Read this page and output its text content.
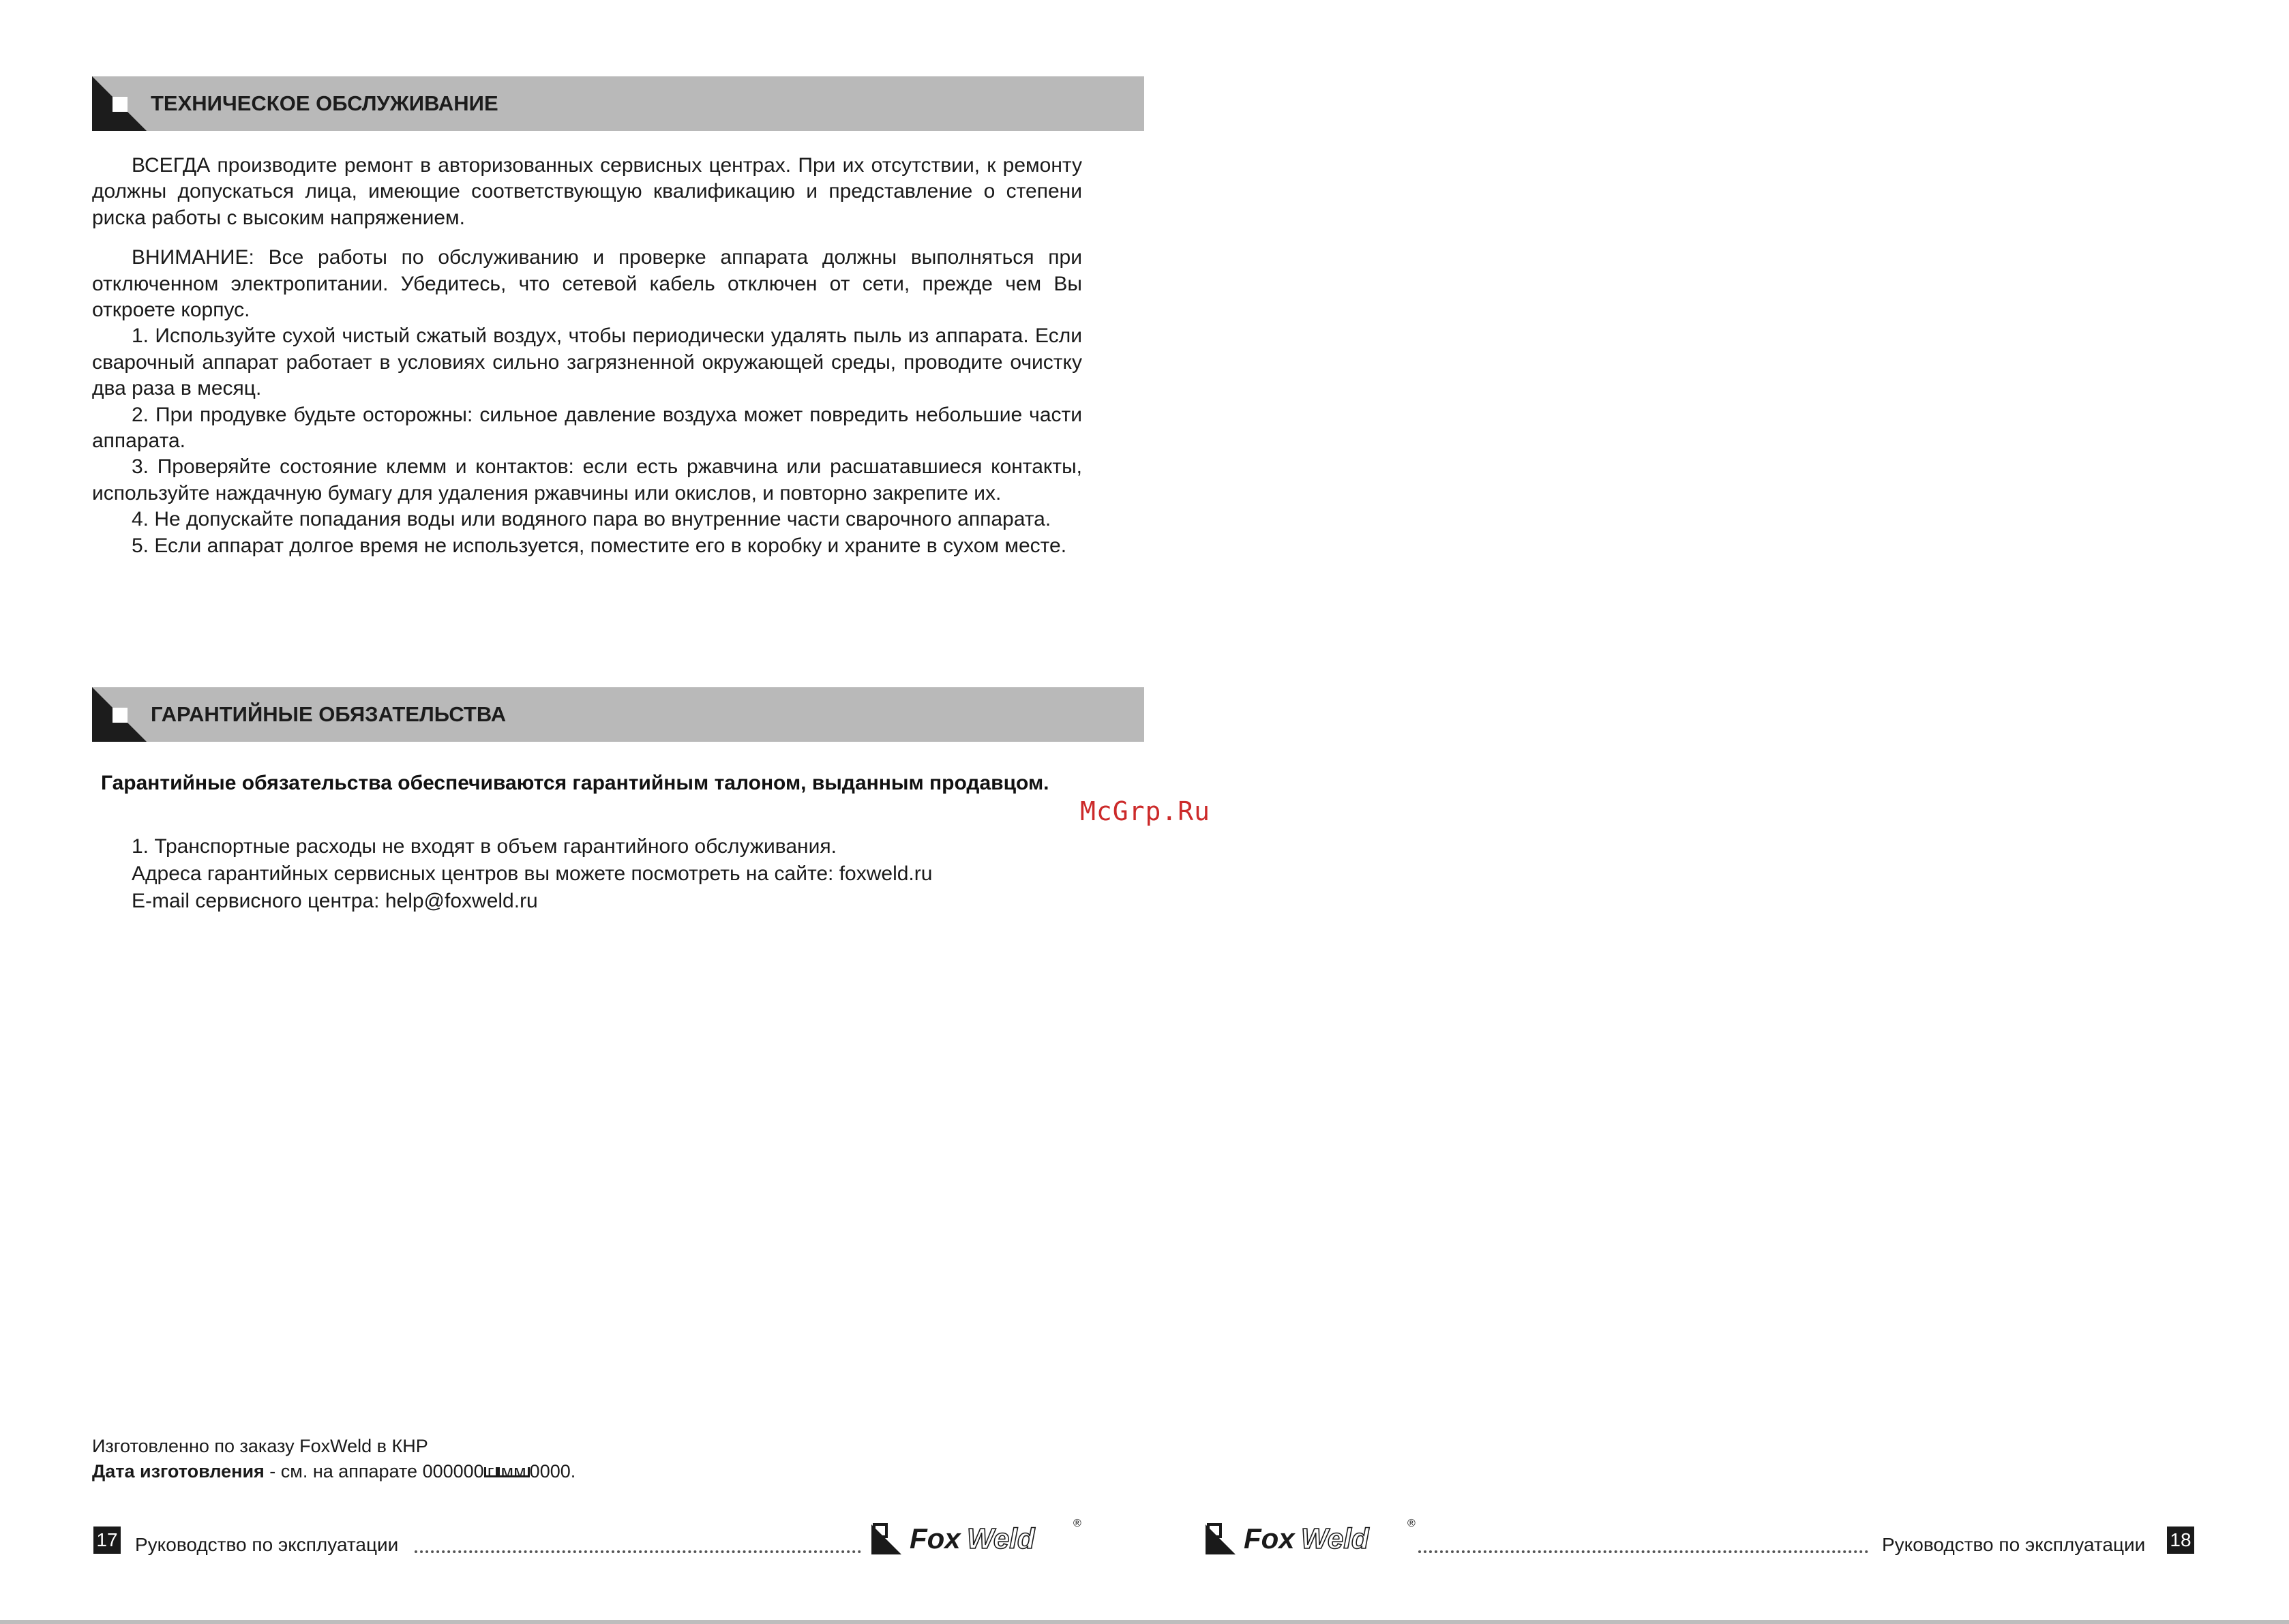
ТЕХНИЧЕСКОЕ ОБСЛУЖИВАНИЕ

ВСЕГДА производите ремонт в авторизованных сервисных центрах. При их отсутствии, к ремонту должны допускаться лица, имеющие соответствующую квалификацию и представление о степени риска работы с высоким напряжением.

ВНИМАНИЕ: Все работы по обслуживанию и проверке аппарата должны выполняться при отключенном электропитании. Убедитесь, что сетевой кабель отключен от сети, прежде чем Вы откроете корпус.

1. Используйте сухой чистый сжатый воздух, чтобы периодически удалять пыль из аппарата. Если сварочный аппарат работает в условиях сильно загрязненной окружающей среды, проводите очистку два раза в месяц.

2. При продувке будьте осторожны: сильное давление воздуха может повредить небольшие части аппарата.

3. Проверяйте состояние клемм и контактов: если есть ржавчина или расшатавшиеся контакты, используйте наждачную бумагу для удаления ржавчины или окислов, и повторно закрепите их.

4. Не допускайте попадания воды или водяного пара во внутренние части сварочного аппарата.

5. Если аппарат долгое время не используется, поместите его в коробку и храните в сухом месте.

ГАРАНТИЙНЫЕ ОБЯЗАТЕЛЬСТВА
Гарантийные обязательства обеспечиваются гарантийным талоном, выданным продавцом.
McGrp.Ru
1. Транспортные расходы не входят в объем гарантийного обслуживания.
Адреса гарантийных сервисных центров вы можете посмотреть на сайте: foxweld.ru
E-mail сервисного центра: help@foxweld.ru
Изготовленно по заказу FoxWeld в КНР
Дата изготовления - см. на аппарате 000000 г мм 0000.
17 Руководство по эксплуатации	Fox Weld	®	Fox Weld	®
Руководство по эксплуатации 18
